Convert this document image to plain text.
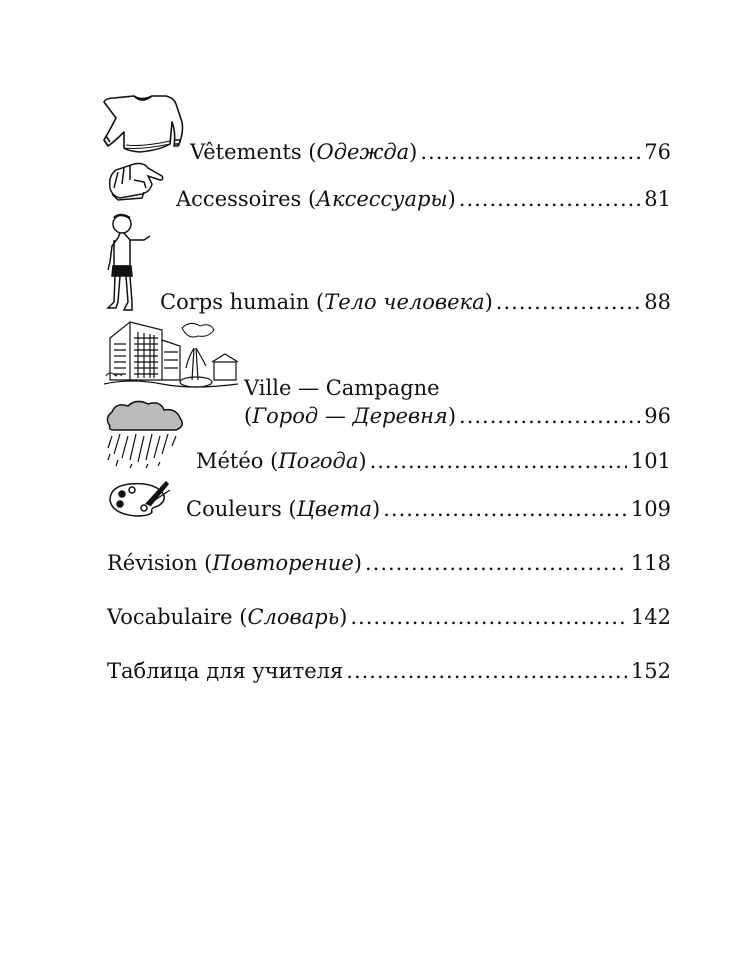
Vêtements (Одежда) .....	76
Accessoires (Аксессуары) .....	81
Corps humain (Тело человека) .....	88
Ville — Campagne
(Город — Деревня) .....	96
Météo (Погода) .....	101
Couleurs (Цвета) .....	109
Révision (Повторение) .....	118
Vocabulaire (Словарь) .....	142
Таблица для учителя .....	152
